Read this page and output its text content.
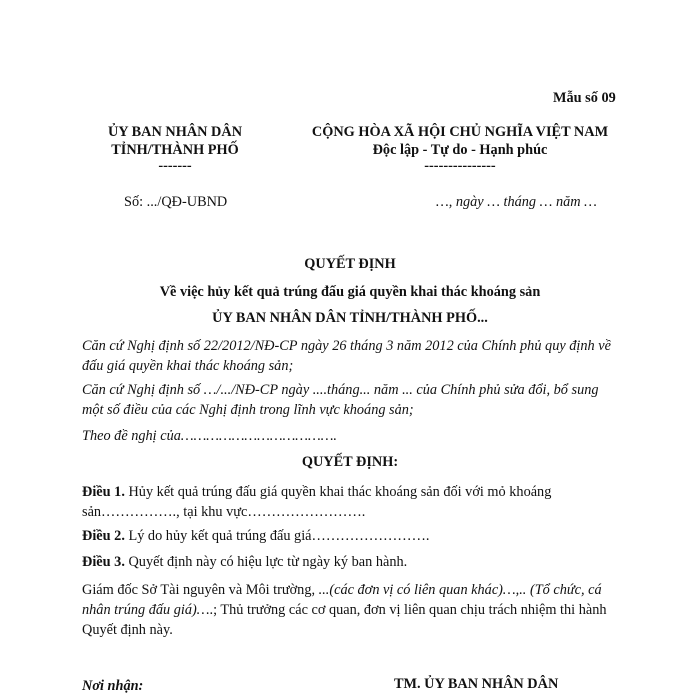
Mẫu số 09
ỦY BAN NHÂN DÂN
TỈNH/THÀNH PHỐ
-------
CỘNG HÒA XÃ HỘI CHỦ NGHĨA VIỆT NAM
Độc lập - Tự do - Hạnh phúc
---------------
Số: .../QĐ-UBND	…, ngày … tháng … năm …
QUYẾT ĐỊNH
Về việc hủy kết quả trúng đấu giá quyền khai thác khoáng sản
ỦY BAN NHÂN DÂN TỈNH/THÀNH PHỐ...
Căn cứ Nghị định số 22/2012/NĐ-CP ngày 26 tháng 3 năm 2012 của Chính phủ quy định về đấu giá quyền khai thác khoáng sản;
Căn cứ Nghị định số …/.../NĐ-CP ngày ....tháng... năm ... của Chính phủ sửa đổi, bổ sung một số điều của các Nghị định trong lĩnh vực khoáng sản;
Theo đề nghị của……………………………….
QUYẾT ĐỊNH:
Điều 1. Hủy kết quả trúng đấu giá quyền khai thác khoáng sản đối với mỏ khoáng sản……………., tại khu vực…………………….
Điều 2. Lý do hủy kết quả trúng đấu giá…………………….
Điều 3. Quyết định này có hiệu lực từ ngày ký ban hành.
Giám đốc Sở Tài nguyên và Môi trường, ...(các đơn vị có liên quan khác)…,.. (Tổ chức, cá nhân trúng đấu giá)….; Thủ trưởng các cơ quan, đơn vị liên quan chịu trách nhiệm thi hành Quyết định này.
Nơi nhận:	TM. ỦY BAN NHÂN DÂN
